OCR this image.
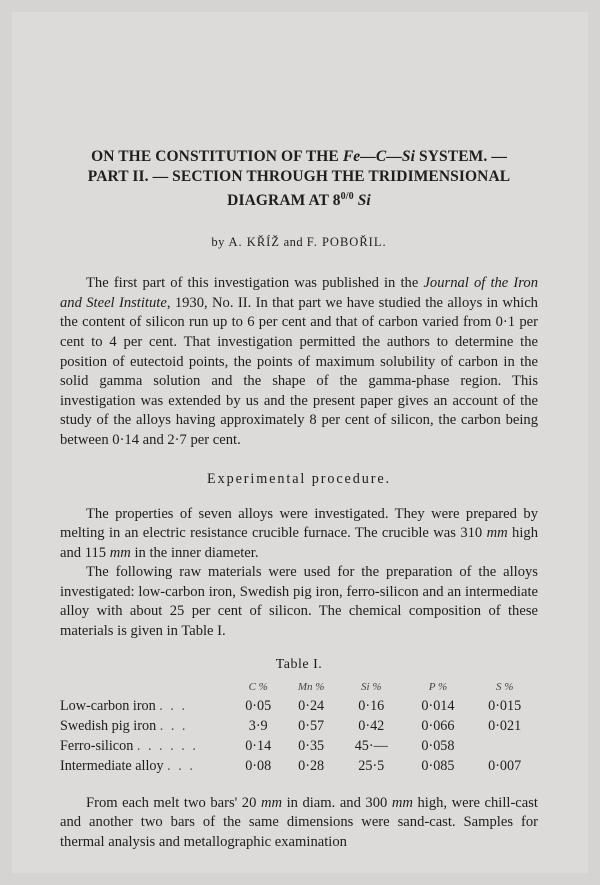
ON THE CONSTITUTION OF THE Fe—C—Si SYSTEM. —
PART II. — SECTION THROUGH THE TRIDIMENSIONAL
DIAGRAM AT $8^{0/0}$ Si
by A. KŘÍŽ and F. POBOŘIL.

The first part of this investigation was published in the Journal of the Iron and Steel Institute, 1930, No. II. In that part we have studied the alloys in which the content of silicon run up to 6 per cent and that of carbon varied from 0·1 per cent to 4 per cent. That investigation permitted the authors to determine the position of eutectoid points, the points of maximum solubility of carbon in the solid gamma solution and the shape of the gamma-phase region. This investigation was extended by us and the present paper gives an account of the study of the alloys having approximately 8 per cent of silicon, the carbon being between 0·14 and 2·7 per cent.

Experimental procedure.

The properties of seven alloys were investigated. They were prepared by melting in an electric resistance crucible furnace. The crucible was 310 mm high and 115 mm in the inner diameter.

The following raw materials were used for the preparation of the alloys investigated: low-carbon iron, Swedish pig iron, ferro-silicon and an intermediate alloy with about 25 per cent of silicon. The chemical composition of these materials is given in Table I.

Table I.
	C %	Mn %	Si %	P %	S %
Low-carbon iron . . .	0·05	0·24	0·16	0·014	0·015
Swedish pig iron . . .	3·9	0·57	0·42	0·066	0·021
Ferro-silicon . . . . . .	0·14	0·35	45·—	0·058	
Intermediate alloy . . .	0·08	0·28	25·5	0·085	0·007

From each melt two bars' 20 mm in diam. and 300 mm high, were chill-cast and another two bars of the same dimensions were sand-cast. Samples for thermal analysis and metallographic examination
